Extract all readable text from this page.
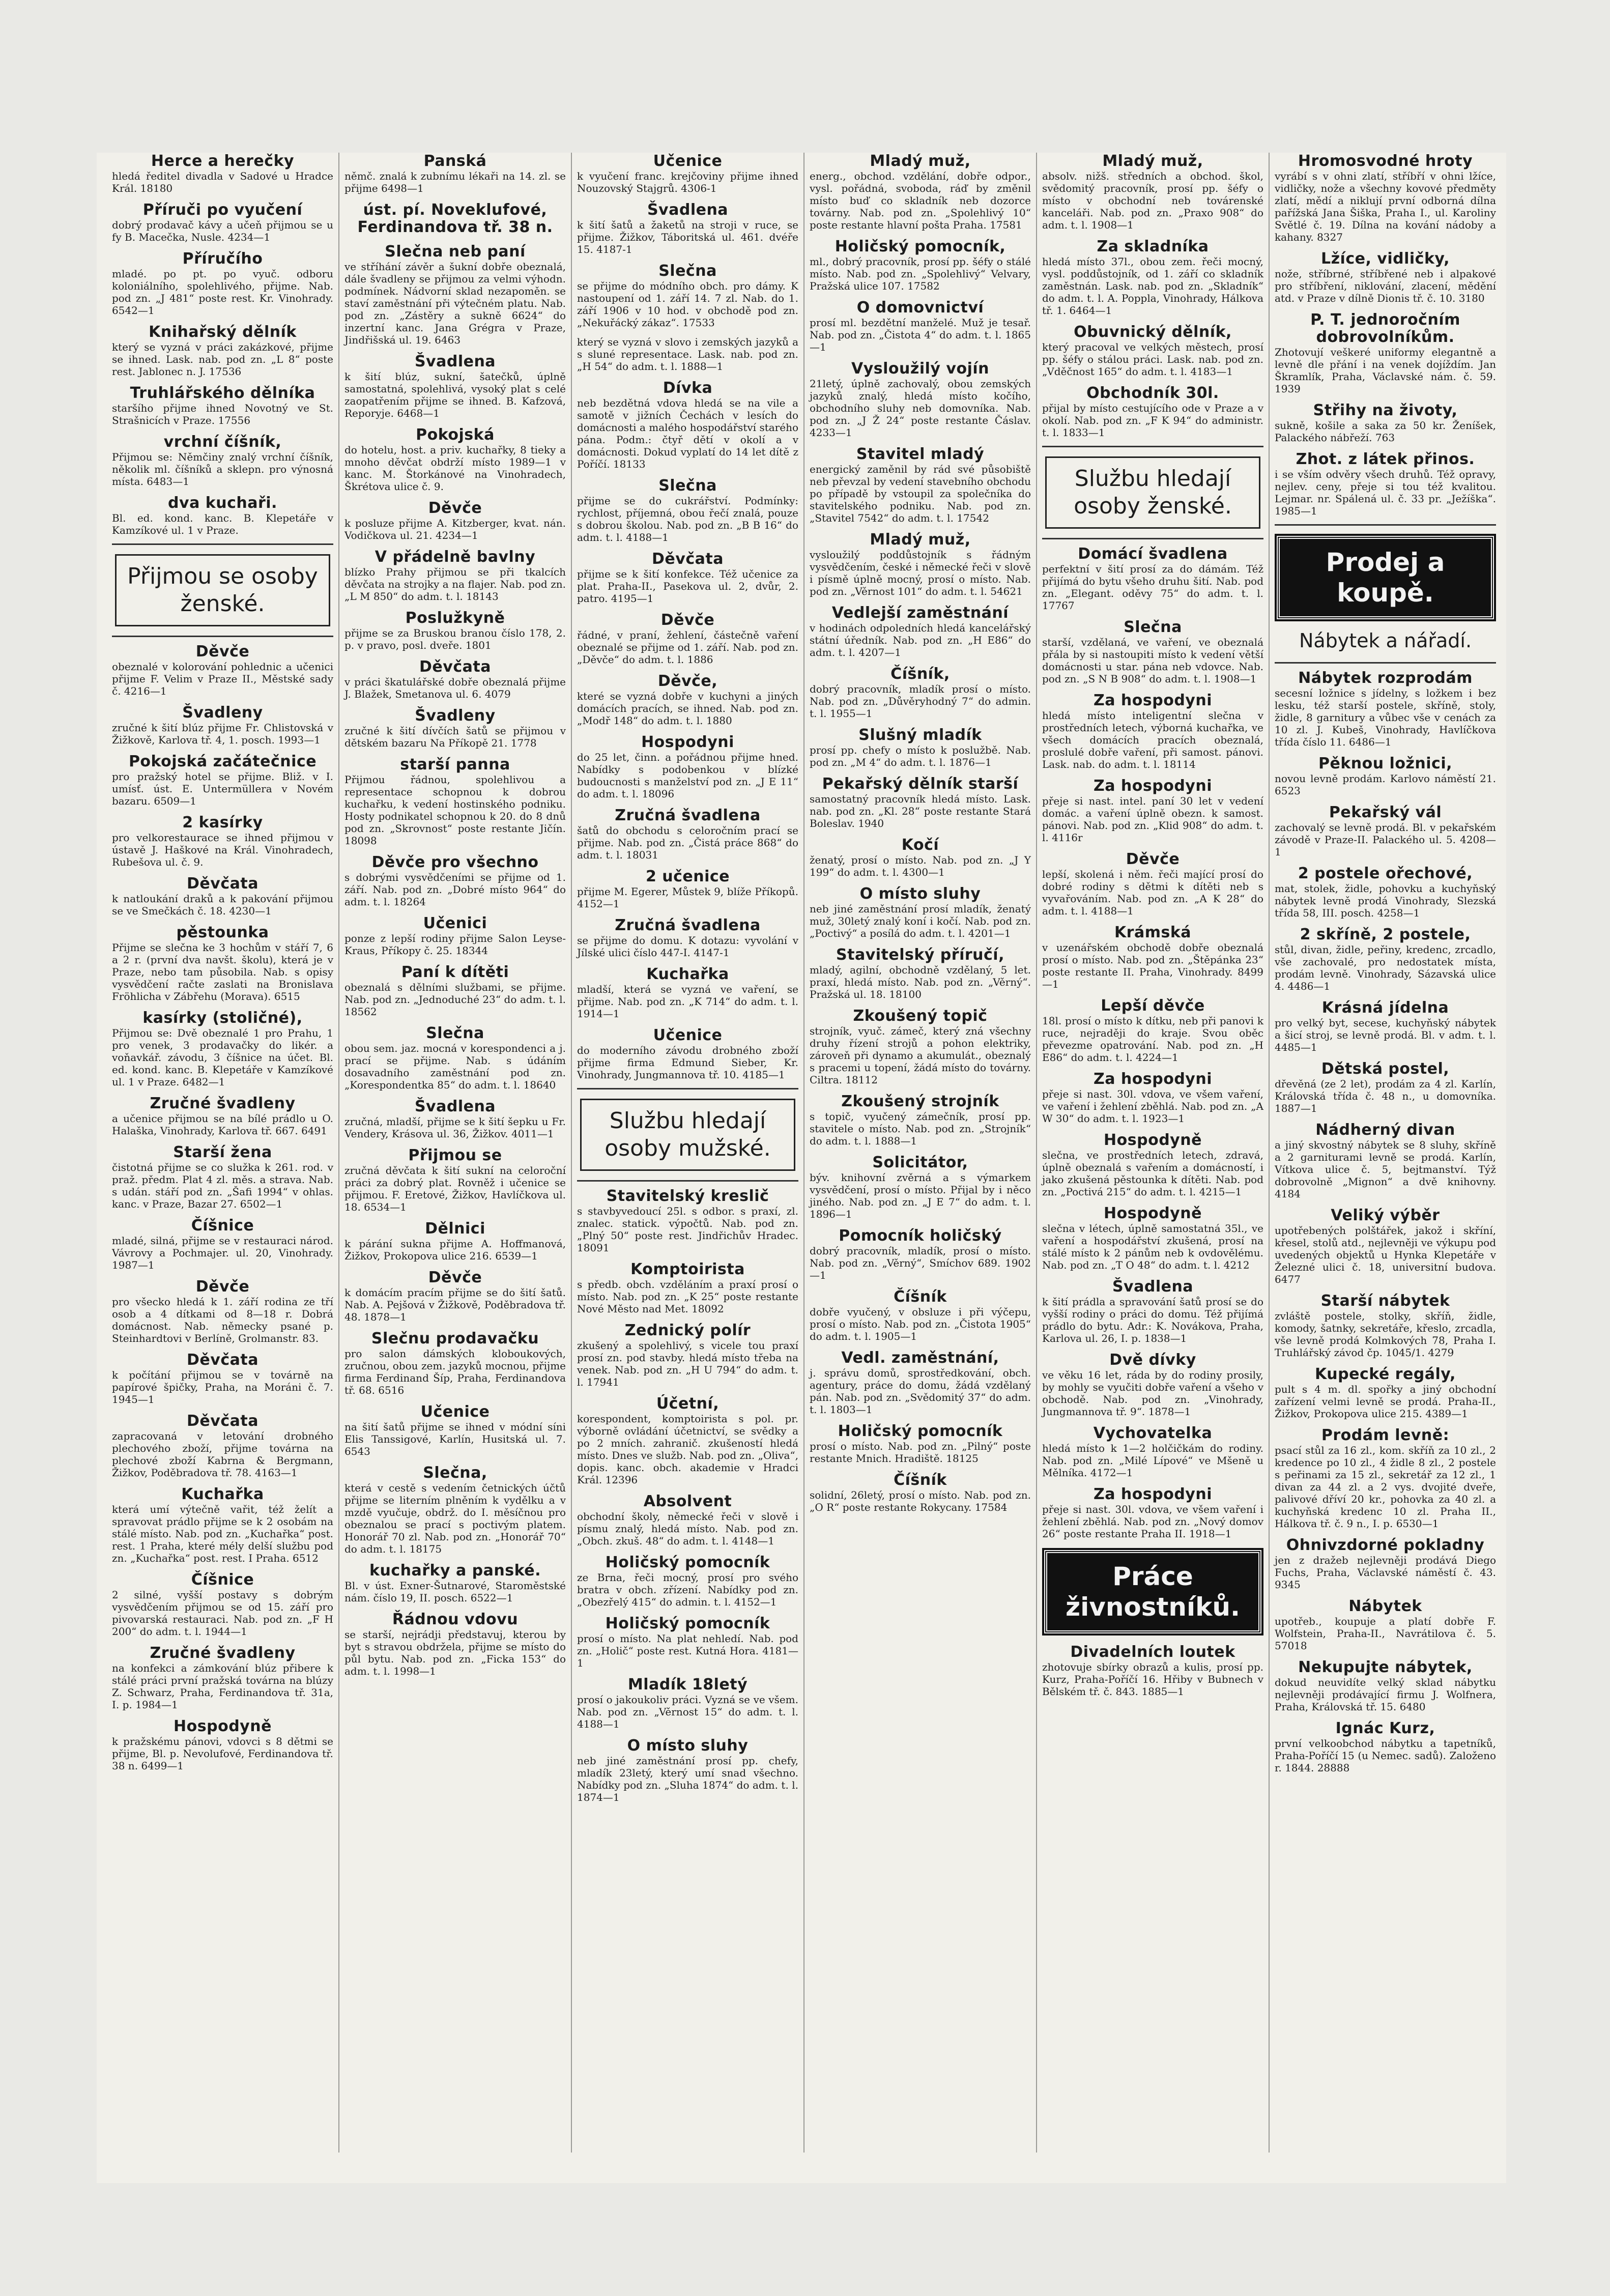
Herce a herečky
hledá ředitel divadla v Sadové u Hradce Král. 18180
Příruči po vyučení
dobrý prodavač kávy a učeň přijmou se u fy B. Macečka, Nusle. 4234—1
Příručího
mladé. po pt. po vyuč. odboru koloniálního, spolehlivého, přijme. Nab. pod zn. „J 481“ poste rest. Kr. Vinohrady. 6542—1
Knihařský dělník
který se vyzná v práci zakázkové, přijme se ihned. Lask. nab. pod zn. „L 8“ poste rest. Jablonec n. J. 17536
Truhlářského dělníka
staršího přijme ihned Novotný ve St. Strašnicích v Praze. 17556
vrchní číšník,
Přijmou se: Němčiny znalý vrchní číšník, několik ml. číšníků a sklepn. pro výnosná místa. 6483—1
dva kuchaři.
Bl. ed. kond. kanc. B. Klepetáře v Kamzíkové ul. 1 v Praze.
Přijmou se osoby ženské.
Děvče
obeznalé v kolorování pohlednic a učenici přijme F. Velim v Praze II., Městské sady č. 4216—1
Švadleny
zručné k šití blúz přijme Fr. Chlistovská v Žižkově, Karlova tř. 4, 1. posch. 1993—1
Pokojská začátečnice
pro pražský hotel se přijme. Bliž. v I. umísť. úst. E. Untermüllera v Novém bazaru. 6509—1
2 kasírky
pro velkorestaurace se ihned přijmou v ústavě J. Haškové na Král. Vinohradech, Rubešova ul. č. 9.
Děvčata
k natloukání draků a k pakování přijmou se ve Smečkách č. 18. 4230—1
pěstounka
Přijme se slečna ke 3 hochům v stáří 7, 6 a 2 r. (první dva navšt. školu), která je v Praze, nebo tam působila. Nab. s opisy vysvědčení račte zaslati na Bronislava Fröhlicha v Zábřehu (Morava). 6515
kasírky (stoličné),
Přijmou se: Dvě obeznalé 1 pro Prahu, 1 pro venek, 3 prodavačky do likér. a voňavkář. závodu, 3 číšnice na účet. Bl. ed. kond. kanc. B. Klepetáře v Kamzíkové ul. 1 v Praze. 6482—1
Zručné švadleny
a učenice přijmou se na bílé prádlo u O. Halaška, Vinohrady, Karlova tř. 667. 6491
Starší žena
čistotná přijme se co služka k 261. rod. v praž. předm. Plat 4 zl. měs. a strava. Nab. s udán. stáří pod zn. „Šafi 1994“ v ohlas. kanc. v Praze, Bazar 27. 6502—1
Číšnice
mladé, silná, přijme se v restauraci národ. Vávrovy a Pochmajer. ul. 20, Vinohrady. 1987—1
Děvče
pro všecko hledá k 1. září rodina ze tří osob a 4 dítkami od 8—18 r. Dobrá domácnost. Nab. německy psané p. Steinhardtovi v Berlíně, Grolmanstr. 83.
Děvčata
k počítání přijmou se v továrně na papírové špičky, Praha, na Moráni č. 7. 1945—1
Děvčata
zapracovaná v letování drobného plechového zboží, přijme továrna na plechové zboží Kabrna & Bergmann, Žižkov, Poděbradova tř. 78. 4163—1
Kuchařka
která umí výtečně vařit, též želít a spravovat prádlo přijme se k 2 osobám na stálé místo. Nab. pod zn. „Kuchařka“ post. rest. 1 Praha, které mély delší službu pod zn. „Kuchařka“ post. rest. I Praha. 6512
Číšnice
2 silné, vyšší postavy s dobrým vysvědčením přijmou se od 15. září pro pivovarská restauraci. Nab. pod zn. „F H 200“ do adm. t. l. 1944—1
Zručné švadleny
na konfekci a zámkování blúz přibere k stálé práci první pražská továrna na blúzy Z. Schwarz, Praha, Ferdinandova tř. 31a, I. p. 1984—1
Hospodyně
k pražskému pánovi, vdovci s 8 dětmi se přijme, Bl. p. Nevolufové, Ferdinandova tř. 38 n. 6499—1
Panská
němč. znalá k zubnímu lékaři na 14. zl. se přijme 6498—1
úst. pí. Noveklufové, Ferdinandova tř. 38 n.
Slečna neb paní
ve stříhání závěr a šukní dobře obeznalá, dále švadleny se přijmou za velmi výhodn. podmínek. Nádvorní sklad nezapoměn. se staví zaměstnání při výtečném platu. Nab. pod zn. „Zástěry a sukně 6624“ do inzertní kanc. Jana Grégra v Praze, Jindřišská ul. 19. 6463
Švadlena
k šití blúz, sukní, šatečků, úplně samostatná, spolehlivá, vysoký plat s celé zaopatřením přijme se ihned. B. Kafzová, Reporyje. 6468—1
Pokojská
do hotelu, host. a priv. kuchařky, 8 tieky a mnoho děvčat obdrží místo 1989—1 v kanc. M. Štorkánové na Vinohradech, Škrétova ulice č. 9.
Děvče
k posluze přijme A. Kitzberger, kvat. nán. Vodičkova ul. 21. 4234—1
V přádelně bavlny
blízko Prahy přijmou se při tkalcích děvčata na strojky a na flajer. Nab. pod zn. „L M 850“ do adm. t. l. 18143
Poslužkyně
přijme se za Bruskou branou číslo 178, 2. p. v pravo, posl. dveře. 1801
Děvčata
v práci škatulářské dobře obeznalá přijme J. Blažek, Smetanova ul. 6. 4079
Švadleny
zručné k šití dívčích šatů se přijmou v dětském bazaru Na Příkopě 21. 1778
starší panna
Přijmou řádnou, spolehlivou a representace schopnou k dobrou kuchařku, k vedení hostinského podniku. Hosty podnikatel schopnou k 20. do 8 dnů pod zn. „Skrovnost“ poste restante Jičín. 18098
Děvče pro všechno
s dobrými vysvědčeními se přijme od 1. září. Nab. pod zn. „Dobré místo 964“ do adm. t. l. 18264
Učenici
ponze z lepší rodiny přijme Salon Leyse-Kraus, Příkopy č. 25. 18344
Paní k dítěti
obeznalá s dělními službami, se přijme. Nab. pod zn. „Jednoduché 23“ do adm. t. l. 18562
Slečna
obou sem. jaz. mocná v korespondenci a j. prací se přijme. Nab. s údáním dosavadního zaměstnání pod zn. „Korespondentka 85“ do adm. t. l. 18640
Švadlena
zručná, mladší, přijme se k šití šepku u Fr. Vendery, Krásova ul. 36, Žižkov. 4011—1
Přijmou se
zručná děvčata k šití sukní na celoroční práci za dobrý plat. Rovněž i učenice se přijmou. F. Eretové, Žižkov, Havlíčkova ul. 18. 6534—1
Dělnici
k párání sukna přijme A. Hoffmanová, Žižkov, Prokopova ulice 216. 6539—1
Děvče
k domácím pracím přijme se do šití šatů. Nab. A. Pejšová v Žižkově, Poděbradova tř. 48. 1878—1
Slečnu prodavačku
pro salon dámských kloboukových, zručnou, obou zem. jazyků mocnou, přijme firma Ferdinand Šíp, Praha, Ferdinandova tř. 68. 6516
Učenice
na šití šatů přijme se ihned v módní síni Elis Tanssigové, Karlín, Husitská ul. 7. 6543
Slečna,
která v cestě s vedením četnických účtů přijme se literním plněním k vydělku a v mzdě vyučuje, obdrž. do I. měsíčnou pro obeznalou se prací s poctivým platem. Honorář 70 zl. Nab. pod zn. „Honorář 70“ do adm. t. l. 18175
kuchařky a panské.
Bl. v úst. Exner-Šutnarové, Staroměstské nám. číslo 19, II. posch. 6522—1
Řádnou vdovu
se starší, nejrádji představuj, kterou by byt s stravou obdržela, přijme se místo do půl bytu. Nab. pod zn. „Ficka 153“ do adm. t. l. 1998—1
Učenice
k vyučení franc. krejčoviny přijme ihned Nouzovský Stajgrů. 4306-1
Švadlena
k šití šatů a žaketů na stroji v ruce, se přijme. Žižkov, Táboritská ul. 461. dvéře 15. 4187-1
Slečna
se přijme do módního obch. pro dámy. K nastoupení od 1. září 14. 7 zl. Nab. do 1. září 1906 v 10 hod. v obchodě pod zn. „Nekuřácký zákaz“. 17533
který se vyzná v slovo i zemských jazyků a s sluné representace. Lask. nab. pod zn. „H 54“ do adm. t. l. 1888—1
Dívka
neb bezdětná vdova hledá se na vile a samotě v jižních Čechách v lesích do domácnosti a malého hospodářství starého pána. Podm.: čtyř dětí v okolí a v domácnosti. Dokud vyplatí do 14 let dítě z Poříčí. 18133
Slečna
přijme se do cukrářství. Podmínky: rychlost, příjemná, obou řečí znalá, pouze s dobrou školou. Nab. pod zn. „B B 16“ do adm. t. l. 4188—1
Děvčata
přijme se k šití konfekce. Též učenice za plat. Praha-II., Pasekova ul. 2, dvůr, 2. patro. 4195—1
Děvče
řádné, v praní, žehlení, částečně vaření obeznalé se přijme od 1. září. Nab. pod zn. „Děvče“ do adm. t. l. 1886
Děvče,
které se vyzná dobře v kuchyni a jiných domácích pracích, se ihned. Nab. pod zn. „Modř 148“ do adm. t. l. 1880
Hospodyni
do 25 let, činn. a pořádnou přijme hned. Nabídky s podobenkou v blízké budoucnosti s manželství pod zn. „J E 11“ do adm. t. l. 18096
Zručná švadlena
šatů do obchodu s celoročním prací se přijme. Nab. pod zn. „Čistá práce 868“ do adm. t. l. 18031
2 učenice
přijme M. Egerer, Můstek 9, blíže Příkopů. 4152—1
Zručná švadlena
se přijme do domu. K dotazu: vyvolání v Jílské ulici číslo 447-I. 4147-1
Kuchařka
mladší, která se vyzná ve vaření, se přijme. Nab. pod zn. „K 714“ do adm. t. l. 1914—1
Učenice
do moderního závodu drobného zboží přijme firma Edmund Sieber, Kr. Vinohrady, Jungmannova tř. 10. 4185—1
Službu hledají osoby mužské.
Stavitelský kreslič
s stavbyvedoucí 25l. s odbor. s praxí, zl. znalec. statick. výpočtů. Nab. pod zn. „Plný 50“ poste rest. Jindřichův Hradec. 18091
Komptoirista
s předb. obch. vzděláním a praxí prosí o místo. Nab. pod zn. „K 25“ poste restante Nové Město nad Met. 18092
Zednický polír
zkušený a spolehlivý, s vicele tou praxí prosí zn. pod stavby. hledá místo třeba na venek. Nab. pod zn. „H U 794“ do adm. t. l. 17941
Účetní,
korespondent, komptoirista s pol. pr. výborně ovládání účetnictví, se svědky a po 2 mních. zahranič. zkušeností hledá místo. Dnes ve služb. Nab. pod zn. „Oliva“, dopis. kanc. obch. akademie v Hradci Král. 12396
Absolvent
obchodní školy, německé řeči v slově i písmu znalý, hledá místo. Nab. pod zn. „Obch. zkuš. 48“ do adm. t. l. 4148—1
Holičský pomocník
ze Brna, řeči mocný, prosí pro svého bratra v obch. zřízení. Nabídky pod zn. „Obezřelý 415“ do admin. t. l. 4152—1
Holičský pomocník
prosí o místo. Na plat nehledí. Nab. pod zn. „Holič“ poste rest. Kutná Hora. 4181—1
Mladík 18letý
prosí o jakoukoliv práci. Vyzná se ve všem. Nab. pod zn. „Věrnost 15“ do adm. t. l. 4188—1
O místo sluhy
neb jiné zaměstnání prosí pp. chefy, mladík 23letý, který umí snad všechno. Nabídky pod zn. „Sluha 1874“ do adm. t. l. 1874—1
Mladý muž,
energ., obchod. vzdělání, dobře odpor., vysl. pořádná, svoboda, ráď by změnil místo buď co skladník neb dozorce továrny. Nab. pod zn. „Spolehlivý 10“ poste restante hlavní pošta Praha. 17581
Holičský pomocník,
ml., dobrý pracovník, prosí pp. šéfy o stálé místo. Nab. pod zn. „Spolehlivý“ Velvary, Pražská ulice 107. 17582
O domovnictví
prosí ml. bezdětní manželé. Muž je tesař. Nab. pod zn. „Čistota 4“ do adm. t. l. 1865—1
Vysloužilý vojín
21letý, úplně zachovalý, obou zemských jazyků znalý, hledá místo kočího, obchodního sluhy neb domovníka. Nab. pod zn. „J Ž 24“ poste restante Čáslav. 4233—1
Stavitel mladý
energický zaměnil by rád své působiště neb převzal by vedení stavebního obchodu po případě by vstoupil za společníka do stavitelského podniku. Nab. pod zn. „Stavitel 7542“ do adm. t. l. 17542
Mladý muž,
vysloužilý poddůstojník s řádným vysvědčením, české i německé řeči v slově i písmě úplně mocný, prosí o místo. Nab. pod zn. „Věrnost 101“ do adm. t. l. 54621
Vedlejší zaměstnání
v hodinách odpoledních hledá kancelářský státní úředník. Nab. pod zn. „H E86“ do adm. t. l. 4207—1
Číšník,
dobrý pracovník, mladík prosí o místo. Nab. pod zn. „Důvěryhodný 7“ do admin. t. l. 1955—1
Slušný mladík
prosí pp. chefy o místo k poslužbě. Nab. pod zn. „M 4“ do adm. t. l. 1876—1
Pekařský dělník starší
samostatný pracovník hledá místo. Lask. nab. pod zn. „Kl. 28“ poste restante Stará Boleslav. 1940
Kočí
ženatý, prosí o místo. Nab. pod zn. „J Y 199“ do adm. t. l. 4300—1
O místo sluhy
neb jiné zaměstnání prosí mladík, ženatý muž, 30letý znalý koní i kočí. Nab. pod zn. „Poctivý“ a posílá do adm. t. l. 4201—1
Stavitelský příručí,
mladý, agilní, obchodně vzdělaný, 5 let. praxí, hledá místo. Nab. pod zn. „Věrný“. Pražská ul. 18. 18100
Zkoušený topič
strojník, vyuč. zámeč, který zná všechny druhy řízení strojů a pohon elektriky, zároveň při dynamo a akumulát., obeznalý s pracemi u topení, žádá místo do továrny. Ciltra. 18112
Zkoušený strojník
s topič, vyučený zámečník, prosí pp. stavitele o místo. Nab. pod zn. „Strojník“ do adm. t. l. 1888—1
Solicitátor,
býv. knihovní zvěrná a s výmarkem vysvědčení, prosí o místo. Přijal by i něco jiného. Nab. pod zn. „J E 7“ do adm. t. l. 1896—1
Pomocník holičský
dobrý pracovník, mladík, prosí o místo. Nab. pod zn. „Věrný“, Smíchov 689. 1902—1
Číšník
dobře vyučený, v obsluze i při výčepu, prosí o místo. Nab. pod zn. „Čistota 1905“ do adm. t. l. 1905—1
Vedl. zaměstnání,
j. správu domů, sprostředkování, obch. agentury, práce do domu, žádá vzdělaný pán. Nab. pod zn. „Svědomitý 37“ do adm. t. l. 1803—1
Holičský pomocník
prosí o místo. Nab. pod zn. „Pilný“ poste restante Mnich. Hradiště. 18125
Číšník
solidní, 26letý, prosí o místo. Nab. pod zn. „O R“ poste restante Rokycany. 17584
Mladý muž,
absolv. nižš. středních a obchod. škol, svědomitý pracovník, prosí pp. šéfy o místo v obchodní neb továrenské kanceláři. Nab. pod zn. „Praxo 908“ do adm. t. l. 1908—1
Za skladníka
hledá místo 37l., obou zem. řeči mocný, vysl. poddůstojník, od 1. září co skladník zaměstnán. Lask. nab. pod zn. „Skladník“ do adm. t. l. A. Poppla, Vinohrady, Hálkova tř. 1. 6464—1
Obuvnický dělník,
který pracoval ve velkých městech, prosí pp. šéfy o stálou práci. Lask. nab. pod zn. „Vděčnost 165“ do adm. t. l. 4183—1
Obchodník 30l.
přijal by místo cestujícího ode v Praze a v okolí. Nab. pod zn. „F K 94“ do administr. t. l. 1833—1
Službu hledají osoby ženské.
Domácí švadlena
perfektní v šití prosí za do dámám. Též přijímá do bytu všeho druhu šití. Nab. pod zn. „Elegant. oděvy 75“ do adm. t. l. 17767
Slečna
starší, vzdělaná, ve vaření, ve obeznalá přála by si nastoupiti místo k vedení větší domácnosti u star. pána neb vdovce. Nab. pod zn. „S N B 908“ do adm. t. l. 1908—1
Za hospodyni
hledá místo inteligentní slečna v prostředních letech, výborná kuchařka, ve všech domácích pracích obeznalá, proslulé dobře vaření, při samost. pánovi. Lask. nab. do adm. t. l. 18114
Za hospodyni
přeje si nast. intel. paní 30 let v vedení domác. a vaření úplně obezn. k samost. pánovi. Nab. pod zn. „Klid 908“ do adm. t. l. 4116r
Děvče
lepší, skolená i něm. řeči mající prosí do dobré rodiny s dětmi k dítěti neb s vyvařováním. Nab. pod zn. „A K 28“ do adm. t. l. 4188—1
Krámská
v uzenářském obchodě dobře obeznalá prosí o místo. Nab. pod zn. „Štěpánka 23“ poste restante II. Praha, Vinohrady. 8499—1
Lepší děvče
18l. prosí o místo k dítku, neb při panovi k ruce, nejraději do kraje. Svou oběc převezme opatrování. Nab. pod zn. „H E86“ do adm. t. l. 4224—1
Za hospodyni
přeje si nast. 30l. vdova, ve všem vaření, ve vaření i žehlení zběhlá. Nab. pod zn. „A W 30“ do adm. t. l. 1923—1
Hospodyně
slečna, ve prostředních letech, zdravá, úplně obeznalá s vařením a domácností, i jako zkušená pěstounka k dítěti. Nab. pod zn. „Poctivá 215“ do adm. t. l. 4215—1
Hospodyně
slečna v létech, úplně samostatná 35l., ve vaření a hospodářství zkušená, prosí na stálé místo k 2 pánům neb k ovdovělému. Nab. pod zn. „T O 48“ do adm. t. l. 4212
Švadlena
k šití prádla a spravování šatů prosí se do vyšší rodiny o práci do domu. Též přijímá prádlo do bytu. Adr.: K. Novákova, Praha, Karlova ul. 26, I. p. 1838—1
Dvě dívky
ve věku 16 let, ráda by do rodiny prosily, by mohly se vyučiti dobře vaření a všeho v obchodě. Nab. pod zn. „Vinohrady, Jungmannova tř. 9“. 1878—1
Vychovatelka
hledá místo k 1—2 holčičkám do rodiny. Nab. pod zn. „Milé Lípové“ ve Mšeně u Mělníka. 4172—1
Za hospodyni
přeje si nast. 30l. vdova, ve všem vaření i žehlení zběhlá. Nab. pod zn. „Nový domov 26“ poste restante Praha II. 1918—1
Práce živnostníků.
Divadelních loutek
zhotovuje sbírky obrazů a kulis, prosí pp. Kurz, Praha-Poříčí 16. Hřiby v Bubnech v Bělském tř. č. 843. 1885—1
Hromosvodné hroty
vyrábí s v ohni zlatí, stříbří v ohni lžíce, vidličky, nože a všechny kovové předměty zlatí, mědí a niklují první odborná dílna pařížská Jana Šiška, Praha I., ul. Karoliny Světlé č. 19. Dílna na kování nádoby a kahany. 8327
Lžíce, vidličky,
nože, stříbrné, stříbřené neb i alpakové pro stříbření, niklování, zlacení, mědění atd. v Praze v dílně Dionis tř. č. 10. 3180
P. T. jednoročním dobrovolníkům.
Zhotovují veškeré uniformy elegantně a levně dle přání i na venek dojíždím. Jan Škramlík, Praha, Václavské nám. č. 59. 1939
Střihy na životy,
sukně, košile a saka za 50 kr. Ženíšek, Palackého nábřeží. 763
Zhot. z látek přinos.
i se vším odvěry všech druhů. Též opravy, nejlev. ceny, přeje si tou též kvalitou. Lejmar. nr. Spálená ul. č. 33 pr. „Ježíška“. 1985—1
Prodej a koupě.
Nábytek a nářadí.
Nábytek rozprodám
secesní ložnice s jídelny, s ložkem i bez lesku, též starší postele, skříně, stoly, židle, 8 garnitury a vůbec vše v cenách za 10 zl. J. Kubeš, Vinohrady, Havlíčkova třída číslo 11. 6486—1
Pěknou ložnici,
novou levně prodám. Karlovo náměstí 21. 6523
Pekařský vál
zachovalý se levně prodá. Bl. v pekařském závodě v Praze-II. Palackého ul. 5. 4208—1
2 postele ořechové,
mat, stolek, židle, pohovku a kuchyňský nábytek levně prodá Vinohrady, Slezská třída 58, III. posch. 4258—1
2 skříně, 2 postele,
stůl, divan, židle, peřiny, kredenc, zrcadlo, vše zachovalé, pro nedostatek místa, prodám levně. Vinohrady, Sázavská ulice 4. 4486—1
Krásná jídelna
pro velký byt, secese, kuchyňský nábytek a šicí stroj, se levně prodá. Bl. v adm. t. l. 4485—1
Dětská postel,
dřevěná (ze 2 let), prodám za 4 zl. Karlín, Královská třída č. 48 n., u domovníka. 1887—1
Nádherný divan
a jiný skvostný nábytek se 8 sluhy, skříně a 2 garniturami levně se prodá. Karlín, Vítkova ulice č. 5, bejtmanství. Týž dobrovolně „Mignon“ a dvě knihovny. 4184
Veliký výběr
upotřebených polštářek, jakož i skříní, křesel, stolů atd., nejlevněji ve výkupu pod uvedených objektů u Hynka Klepetáře v Železné ulici č. 18, universitní budova. 6477
Starší nábytek
zvláště postele, stolky, skříň, židle, komody, šatnky, sekretáře, křeslo, zrcadla, vše levně prodá Kolmkových 78, Praha I. Truhlářský závod čp. 1045/1. 4279
Kupecké regály,
pult s 4 m. dl. spořky a jiný obchodní zařízení velmi levně se prodá. Praha-II., Žižkov, Prokopova ulice 215. 4389—1
Prodám levně:
psací stůl za 16 zl., kom. skříň za 10 zl., 2 kredence po 10 zl., 4 židle 8 zl., 2 postele s peřinami za 15 zl., sekretář za 12 zl., 1 divan za 44 zl. a 2 vys. dvojité dveře, palivové dříví 20 kr., pohovka za 40 zl. a kuchyňská kredenc 10 zl. Praha II., Hálkova tř. č. 9 n., I. p. 6530—1
Ohnivzdorné pokladny
jen z dražeb nejlevněji prodává Diego Fuchs, Praha, Václavské náměstí č. 43. 9345
Nábytek
upotřeb., koupuje a platí dobře F. Wolfstein, Praha-II., Navrátilova č. 5. 57018
Nekupujte nábytek,
dokud neuvidíte velký sklad nábytku nejlevněji prodávající firmu J. Wolfnera, Praha, Královská tř. 15. 6480
Ignác Kurz,
první velkoobchod nábytku a tapetníků, Praha-Poříčí 15 (u Nemec. sadů). Založeno r. 1844. 28888
